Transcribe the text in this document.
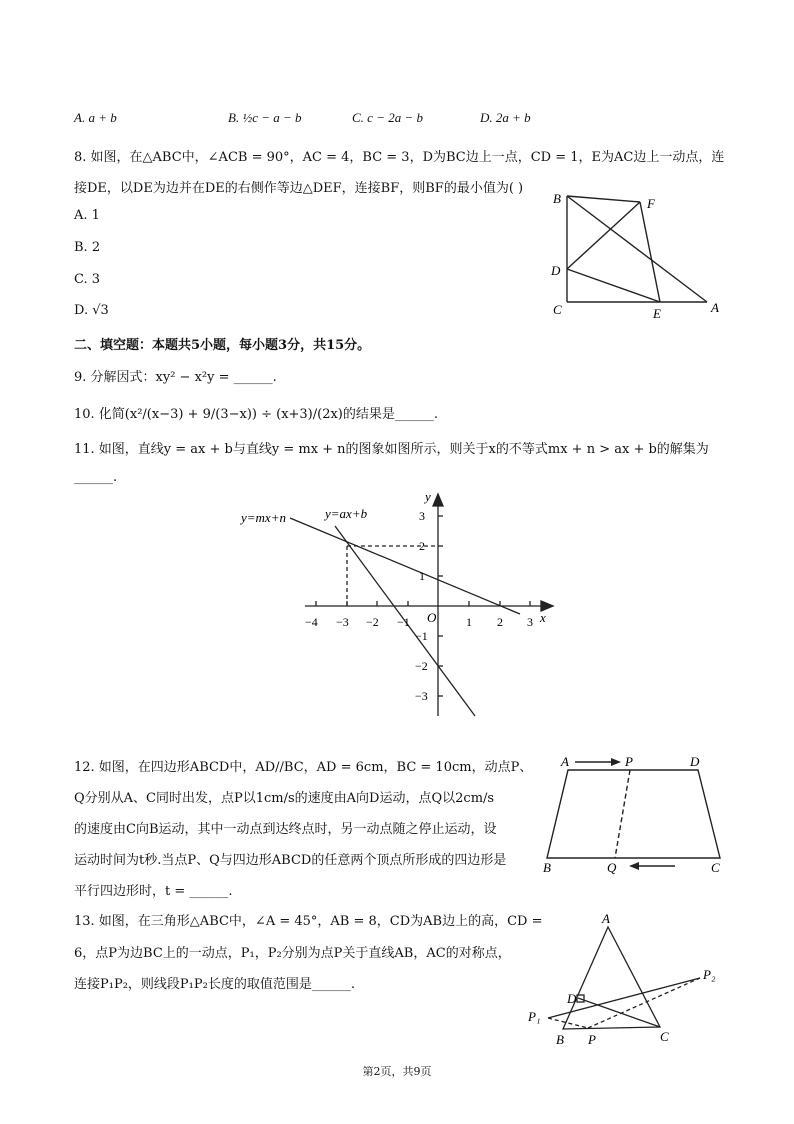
A. a + b	B. ½c − a − b	C. c − 2a − b	D. 2a + b
8. 如图，在△ABC中，∠ACB = 90°，AC = 4，BC = 3，D为BC边上一点，CD = 1，E为AC边上一动点，连
接DE，以DE为边并在DE的右侧作等边△DEF，连接BF，则BF的最小值为( )
A. 1
B. 2
C. 3
D. √3
B	F
D
C	E	A
二、填空题：本题共5小题，每小题3分，共15分。
9. 分解因式：xy² − x²y = ______.
10. 化简(x²/(x−3) + 9/(3−x)) ÷ (x+3)/(2x)的结果是______.
11. 如图，直线y = ax + b与直线y = mx + n的图象如图所示，则关于x的不等式mx + n > ax + b的解集为
______.
y=mx+n	y=ax+b
x
y
O
−4 −3 −2 −1	1 2 3
3
2
1
−1
−2
−3
12. 如图，在四边形ABCD中，AD//BC，AD = 6cm，BC = 10cm，动点P、
Q分别从A、C同时出发，点P以1cm/s的速度由A向D运动，点Q以2cm/s
的速度由C向B运动，其中一动点到达终点时，另一动点随之停止运动，设
运动时间为t秒.当点P、Q与四边形ABCD的任意两个顶点所形成的四边形是
平行四边形时，t = ______.
A	P	D
B	Q	C
13. 如图，在三角形△ABC中，∠A = 45°，AB = 8，CD为AB边上的高，CD =
6，点P为边BC上的一动点，P₁，P₂分别为点P关于直线AB，AC的对称点，
连接P₁P₂，则线段P₁P₂长度的取值范围是______.
A
D
P₂
P₁
B P	C
第2页，共9页
